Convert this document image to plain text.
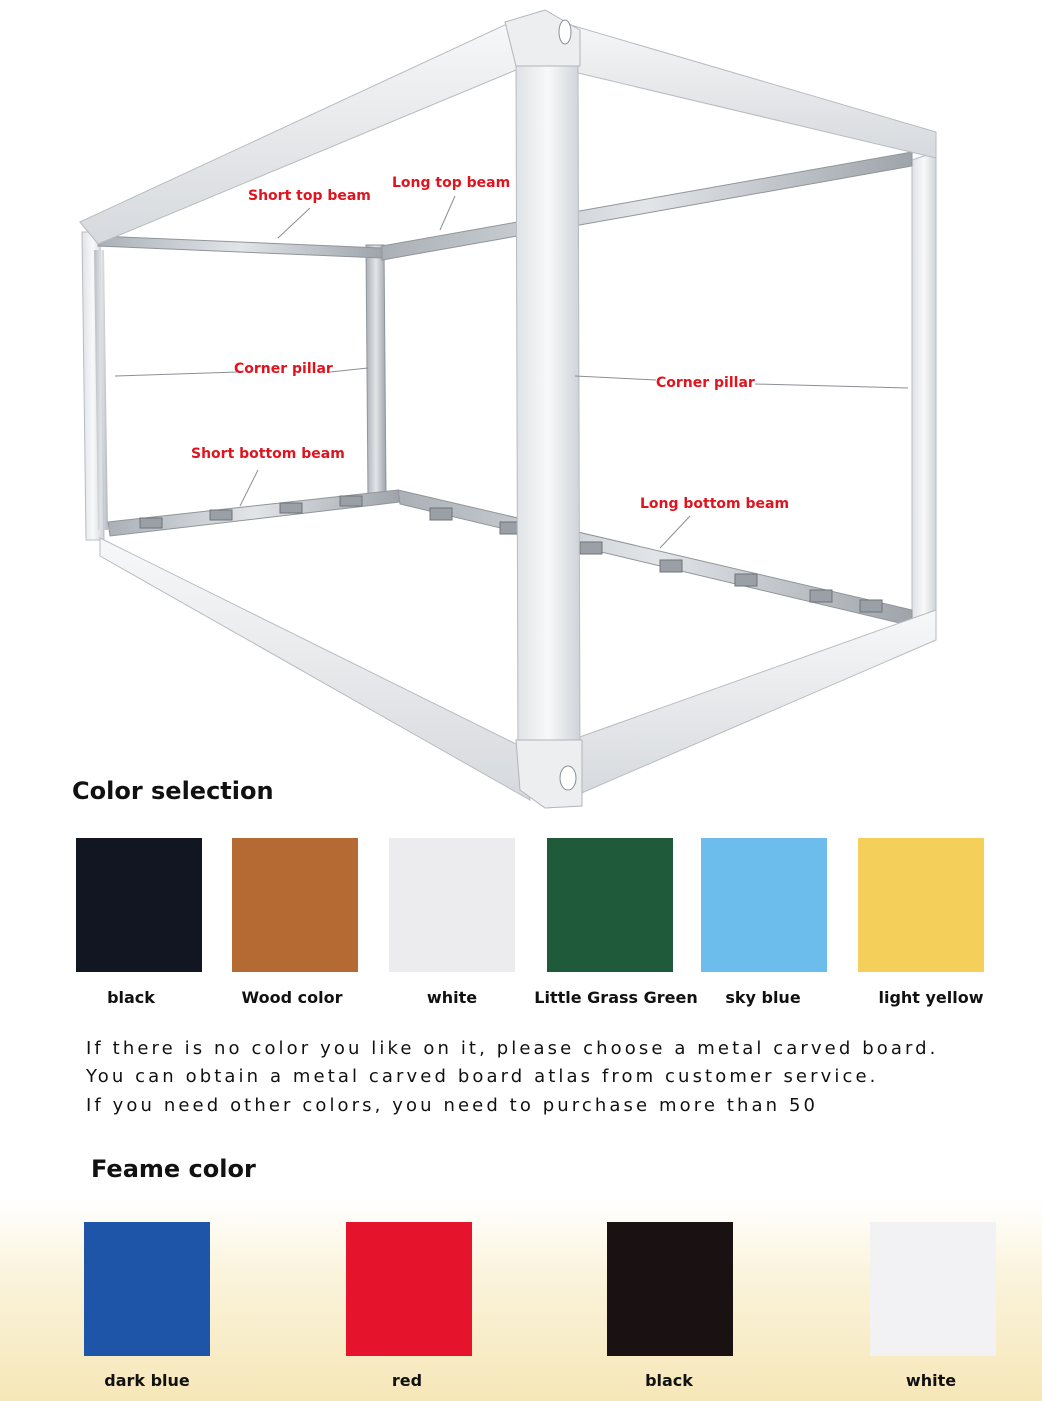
Short top beam
Long top beam
Corner pillar
Corner pillar
Short bottom beam
Long bottom beam
Color selection
black	Wood color	white	Little Grass Green	sky blue	light yellow
If there is no color you like on it, please choose a metal carved board.
You can obtain a metal carved board atlas from customer service.
If you need other colors, you need to purchase more than 50
Feame color
dark blue	red	black	white
